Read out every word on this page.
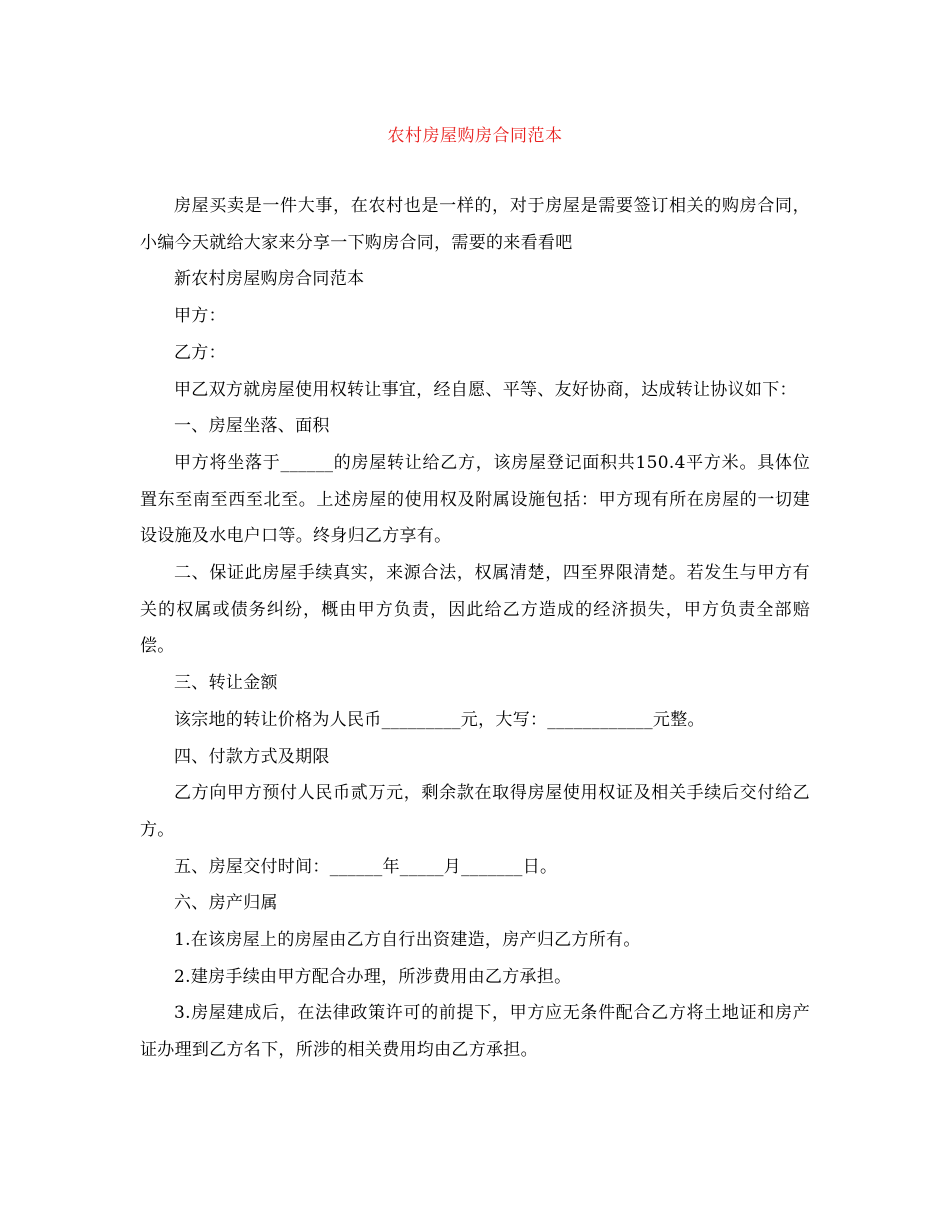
农村房屋购房合同范本

房屋买卖是一件大事，在农村也是一样的，对于房屋是需要签订相关的购房合同，小编今天就给大家来分享一下购房合同，需要的来看看吧

新农村房屋购房合同范本

甲方：

乙方：

甲乙双方就房屋使用权转让事宜，经自愿、平等、友好协商，达成转让协议如下：

一、房屋坐落、面积

甲方将坐落于______的房屋转让给乙方，该房屋登记面积共150.4平方米。具体位置东至南至西至北至。上述房屋的使用权及附属设施包括：甲方现有所在房屋的一切建设设施及水电户口等。终身归乙方享有。

二、保证此房屋手续真实，来源合法，权属清楚，四至界限清楚。若发生与甲方有关的权属或债务纠纷，概由甲方负责，因此给乙方造成的经济损失，甲方负责全部赔偿。

三、转让金额

该宗地的转让价格为人民币_________元，大写：____________元整。

四、付款方式及期限

乙方向甲方预付人民币贰万元，剩余款在取得房屋使用权证及相关手续后交付给乙方。

五、房屋交付时间：______年_____月_______日。

六、房产归属

1.在该房屋上的房屋由乙方自行出资建造，房产归乙方所有。

2.建房手续由甲方配合办理，所涉费用由乙方承担。

3.房屋建成后，在法律政策许可的前提下，甲方应无条件配合乙方将土地证和房产证办理到乙方名下，所涉的相关费用均由乙方承担。
